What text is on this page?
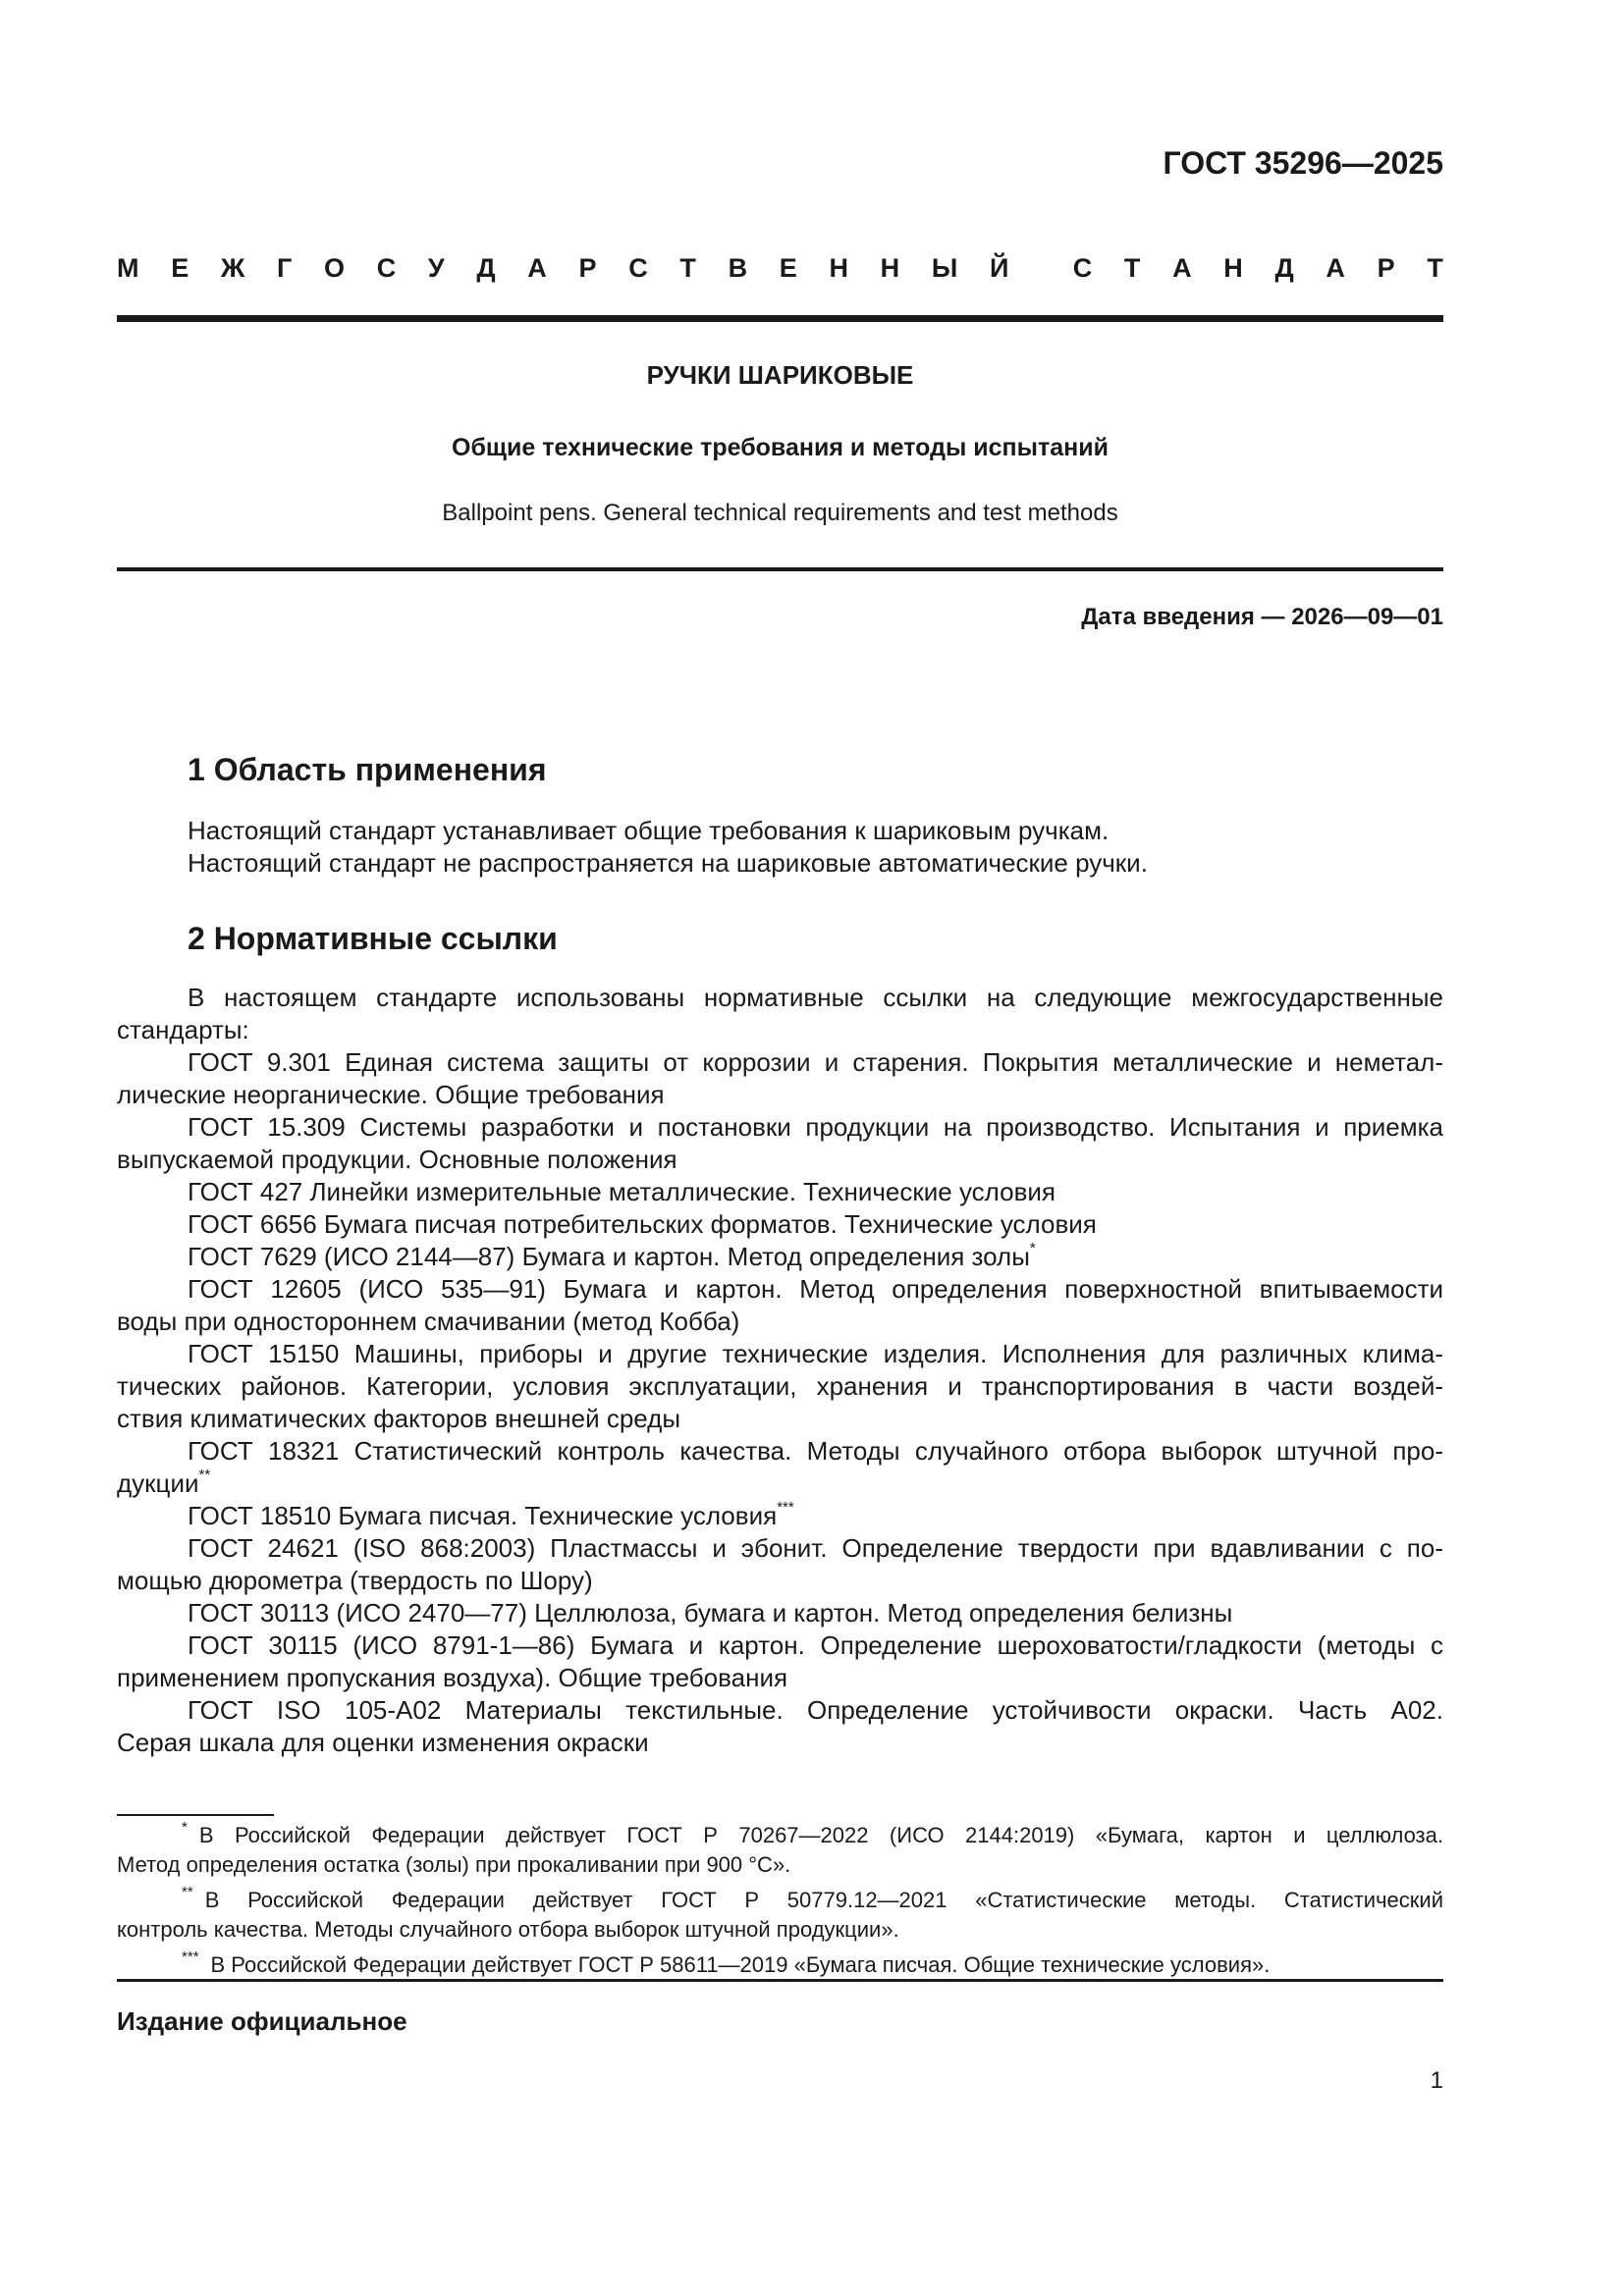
ГОСТ 35296—2025
М Е Ж Г О С У Д А Р С Т В Е Н Н Ы Й С Т А Н Д А Р Т
РУЧКИ ШАРИКОВЫЕ
Общие технические требования и методы испытаний
Ballpoint pens. General technical requirements and test methods
Дата введения — 2026—09—01
1 Область применения
Настоящий стандарт устанавливает общие требования к шариковым ручкам.
Настоящий стандарт не распространяется на шариковые автоматические ручки.
2 Нормативные ссылки
В настоящем стандарте использованы нормативные ссылки на следующие межгосударственные
стандарты:
ГОСТ 9.301 Единая система защиты от коррозии и старения. Покрытия металлические и неметал-
лические неорганические. Общие требования
ГОСТ 15.309 Системы разработки и постановки продукции на производство. Испытания и приемка
выпускаемой продукции. Основные положения
ГОСТ 427 Линейки измерительные металлические. Технические условия
ГОСТ 6656 Бумага писчая потребительских форматов. Технические условия
ГОСТ 7629 (ИСО 2144—87) Бумага и картон. Метод определения золы*
ГОСТ 12605 (ИСО 535—91) Бумага и картон. Метод определения поверхностной впитываемости
воды при одностороннем смачивании (метод Кобба)
ГОСТ 15150 Машины, приборы и другие технические изделия. Исполнения для различных клима-
тических районов. Категории, условия эксплуатации, хранения и транспортирования в части воздей-
ствия климатических факторов внешней среды
ГОСТ 18321 Статистический контроль качества. Методы случайного отбора выборок штучной про-
дукции**
ГОСТ 18510 Бумага писчая. Технические условия***
ГОСТ 24621 (ISO 868:2003) Пластмассы и эбонит. Определение твердости при вдавливании с по-
мощью дюрометра (твердость по Шору)
ГОСТ 30113 (ИСО 2470—77) Целлюлоза, бумага и картон. Метод определения белизны
ГОСТ 30115 (ИСО 8791-1—86) Бумага и картон. Определение шероховатости/гладкости (методы с
применением пропускания воздуха). Общие требования
ГОСТ ISO 105-A02 Материалы текстильные. Определение устойчивости окраски. Часть A02.
Серая шкала для оценки изменения окраски
* В Российской Федерации действует ГОСТ Р 70267—2022 (ИСО 2144:2019) «Бумага, картон и целлюлоза.
Метод определения остатка (золы) при прокаливании при 900 °С».
** В Российской Федерации действует ГОСТ Р 50779.12—2021 «Статистические методы. Статистический
контроль качества. Методы случайного отбора выборок штучной продукции».
*** В Российской Федерации действует ГОСТ Р 58611—2019 «Бумага писчая. Общие технические условия».
Издание официальное
1
